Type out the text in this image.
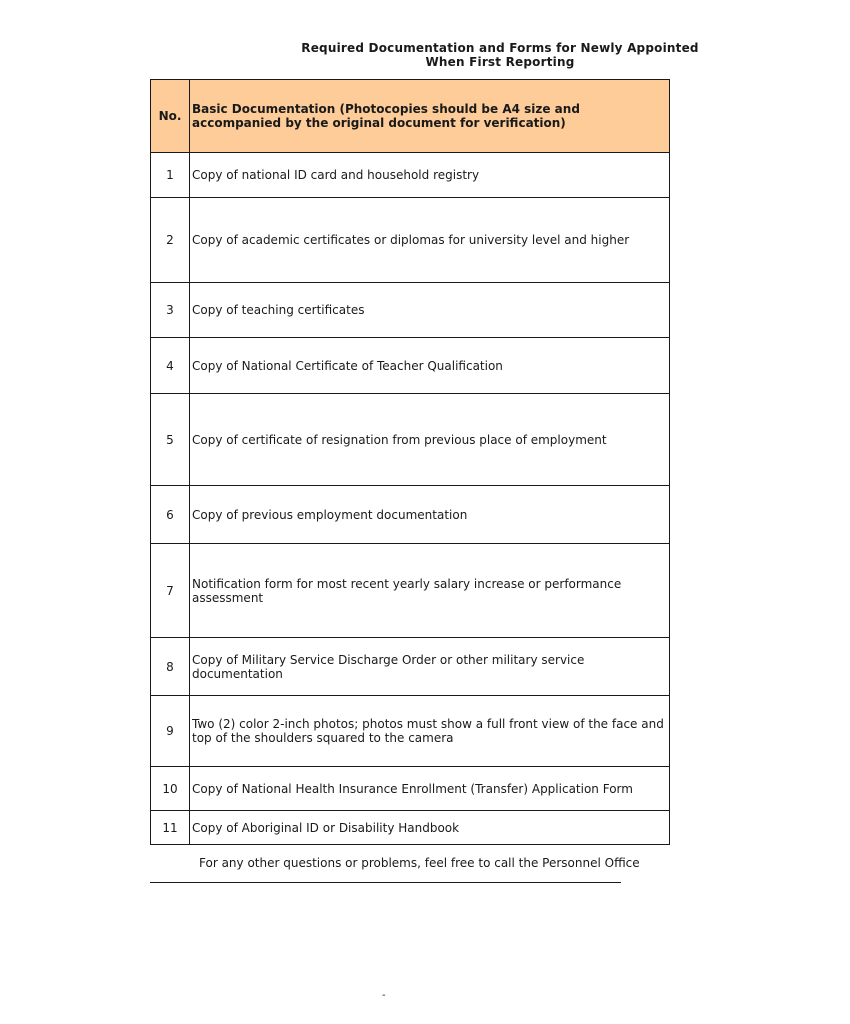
Required Documentation and Forms for Newly Appointed
When First Reporting
No.	Basic Documentation (Photocopies should be A4 size and accompanied by the original document for verification)
1	Copy of national ID card and household registry
2	Copy of academic certificates or diplomas for university level and higher
3	Copy of teaching certificates
4	Copy of National Certificate of Teacher Qualification
5	Copy of certificate of resignation from previous place of employment
6	Copy of previous employment documentation
7	Notification form for most recent yearly salary increase or performance assessment
8	Copy of Military Service Discharge Order or other military service documentation
9	Two (2) color 2-inch photos; photos must show a full front view of the face and top of the shoulders squared to the camera
10	Copy of National Health Insurance Enrollment (Transfer) Application Form
11	Copy of Aboriginal ID or Disability Handbook
For any other questions or problems, feel free to call the Personnel Office
-
